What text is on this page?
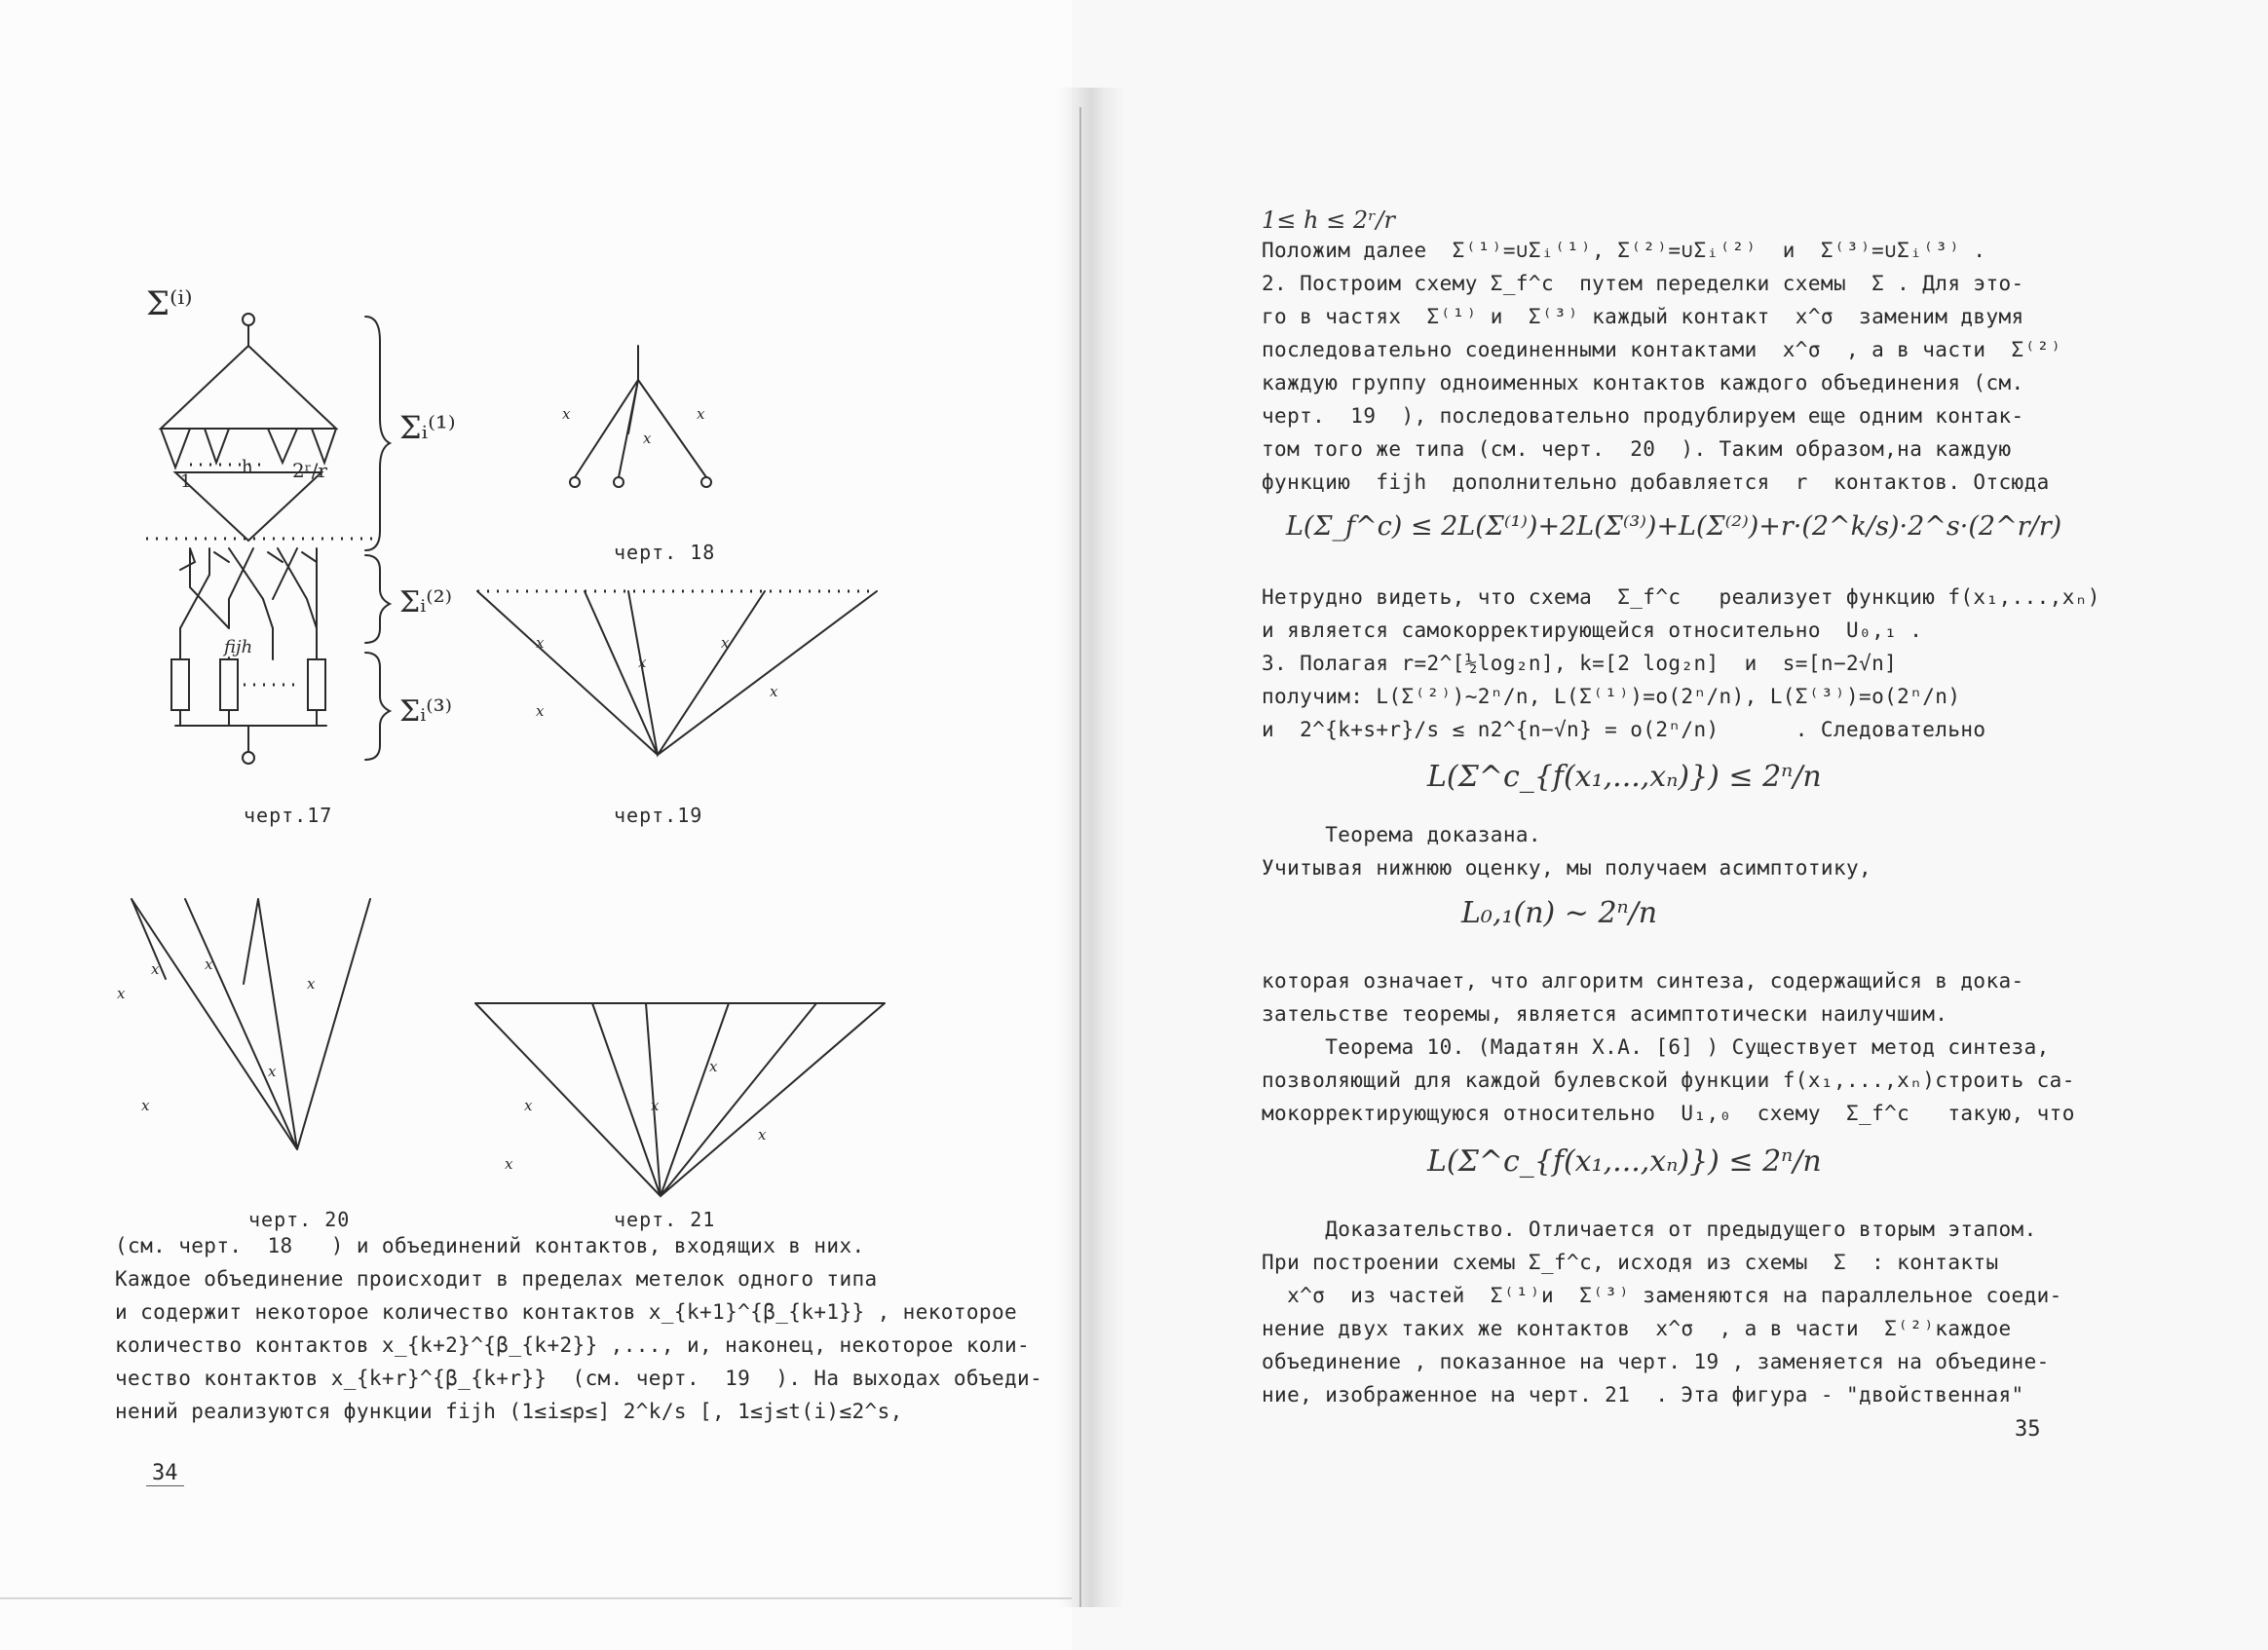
Σ⁽ⁱ⁾
1
h 2ʳ/r
fijh
Σᵢ⁽¹⁾
Σᵢ⁽²⁾
Σᵢ⁽³⁾
черт.17
x
x
x
черт. 18
x
x
x
x
x
черт.19
x
x	x
x
x
x
черт. 20
x
x
x
x
x
черт. 21
(см. черт.  18   ) и объединений контактов, входящих в них.
Каждое объединение происходит в пределах метелок одного типа
и содержит некоторое количество контактов x_{k+1}^{β_{k+1}} , некоторое
количество контактов x_{k+2}^{β_{k+2}} ,..., и, наконец, некоторое коли-
чество контактов x_{k+r}^{β_{k+r}}  (см. черт.  19  ). На выходах объеди-
нений реализуются функции fijh (1≤i≤p≤] 2^k/s [, 1≤j≤t(i)≤2^s,
34
1≤ h ≤ 2ʳ/r
Положим далее  Σ⁽¹⁾=∪Σᵢ⁽¹⁾, Σ⁽²⁾=∪Σᵢ⁽²⁾  и  Σ⁽³⁾=∪Σᵢ⁽³⁾ .
2. Построим схему Σ_f^c  путем переделки схемы  Σ . Для это-
го в частях  Σ⁽¹⁾ и  Σ⁽³⁾ каждый контакт  x^σ  заменим двумя
последовательно соединенными контактами  x^σ  , а в части  Σ⁽²⁾
каждую группу одноименных контактов каждого объединения (см.
черт.  19  ), последовательно продублируем еще одним контак-
том того же типа (см. черт.  20  ). Таким образом,на каждую
функцию  fijh  дополнительно добавляется  r  контактов. Отсюда
L(Σ_f^c) ≤ 2L(Σ⁽¹⁾)+2L(Σ⁽³⁾)+L(Σ⁽²⁾)+r·(2^k/s)·2^s·(2^r/r)
Нетрудно видеть, что схема  Σ_f^c   реализует функцию f(x₁,...,xₙ)
и является самокорректирующейся относительно  U₀,₁ .
3. Полагая r=2^[½log₂n], k=[2 log₂n]  и  s=[n−2√n]
получим: L(Σ⁽²⁾)~2ⁿ/n, L(Σ⁽¹⁾)=o(2ⁿ/n), L(Σ⁽³⁾)=o(2ⁿ/n)
и  2^{k+s+r}/s ≤ n2^{n−√n} = o(2ⁿ/n)      . Следовательно
L(Σ^c_{f(x₁,...,xₙ)}) ≤ 2ⁿ/n
Теорема доказана.
Учитывая нижнюю оценку, мы получаем асимптотику,
L₀,₁(n) ~ 2ⁿ/n
которая означает, что алгоритм синтеза, содержащийся в дока-
зательстве теоремы, является асимптотически наилучшим.
Теорема 10. (Мадатян Х.А. [6] ) Существует метод синтеза,
позволяющий для каждой булевской функции f(x₁,...,xₙ)строить са-
мокорректирующуюся относительно  U₁,₀  схему  Σ_f^c   такую, что
L(Σ^c_{f(x₁,...,xₙ)}) ≤ 2ⁿ/n
Доказательство. Отличается от предыдущего вторым этапом.
При построении схемы Σ_f^c, исходя из схемы  Σ  : контакты
x^σ  из частей  Σ⁽¹⁾и  Σ⁽³⁾ заменяются на параллельное соеди-
нение двух таких же контактов  x^σ  , а в части  Σ⁽²⁾каждое
объединение , показанное на черт. 19 , заменяется на объедине-
ние, изображенное на черт. 21  . Эта фигура - "двойственная"
35
